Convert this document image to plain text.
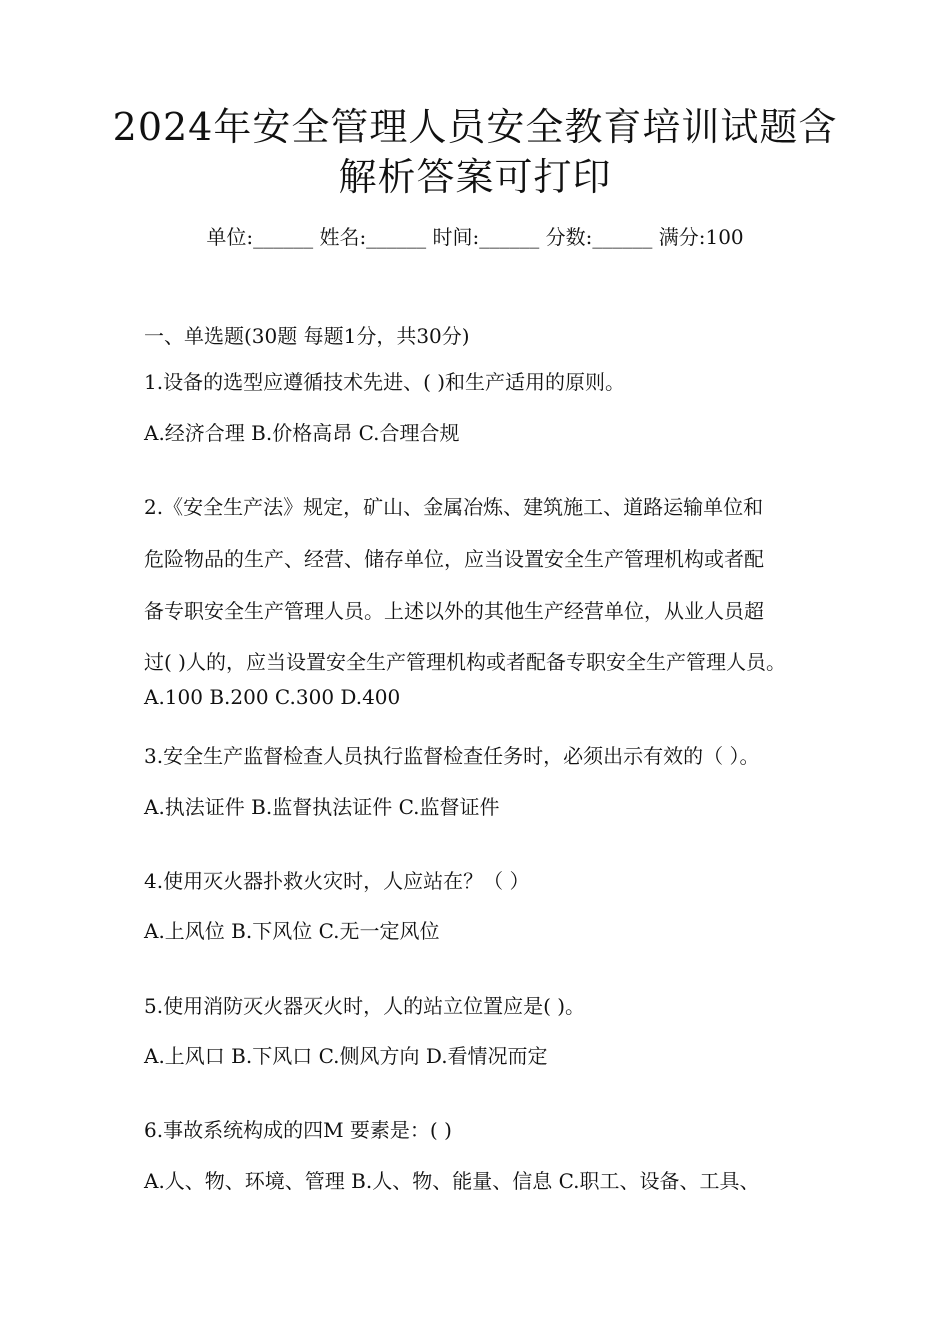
2024年安全管理人员安全教育培训试题含
解析答案可打印
单位:______ 姓名:______ 时间:______ 分数:______ 满分:100
一、单选题(30题 每题1分，共30分)
1.设备的选型应遵循技术先进、( )和生产适用的原则。
A.经济合理 B.价格高昂 C.合理合规
2.《安全生产法》规定，矿山、金属冶炼、建筑施工、道路运输单位和
危险物品的生产、经营、储存单位，应当设置安全生产管理机构或者配
备专职安全生产管理人员。上述以外的其他生产经营单位，从业人员超
过( )人的，应当设置安全生产管理机构或者配备专职安全生产管理人员。
A.100 B.200 C.300 D.400
3.安全生产监督检查人员执行监督检查任务时，必须出示有效的（ ）。
A.执法证件 B.监督执法证件 C.监督证件
4.使用灭火器扑救火灾时，人应站在？（ ）
A.上风位 B.下风位 C.无一定风位
5.使用消防灭火器灭火时，人的站立位置应是( )。
A.上风口 B.下风口 C.侧风方向 D.看情况而定
6.事故系统构成的四M 要素是：( )
A.人、物、环境、管理 B.人、物、能量、信息 C.职工、设备、工具、
